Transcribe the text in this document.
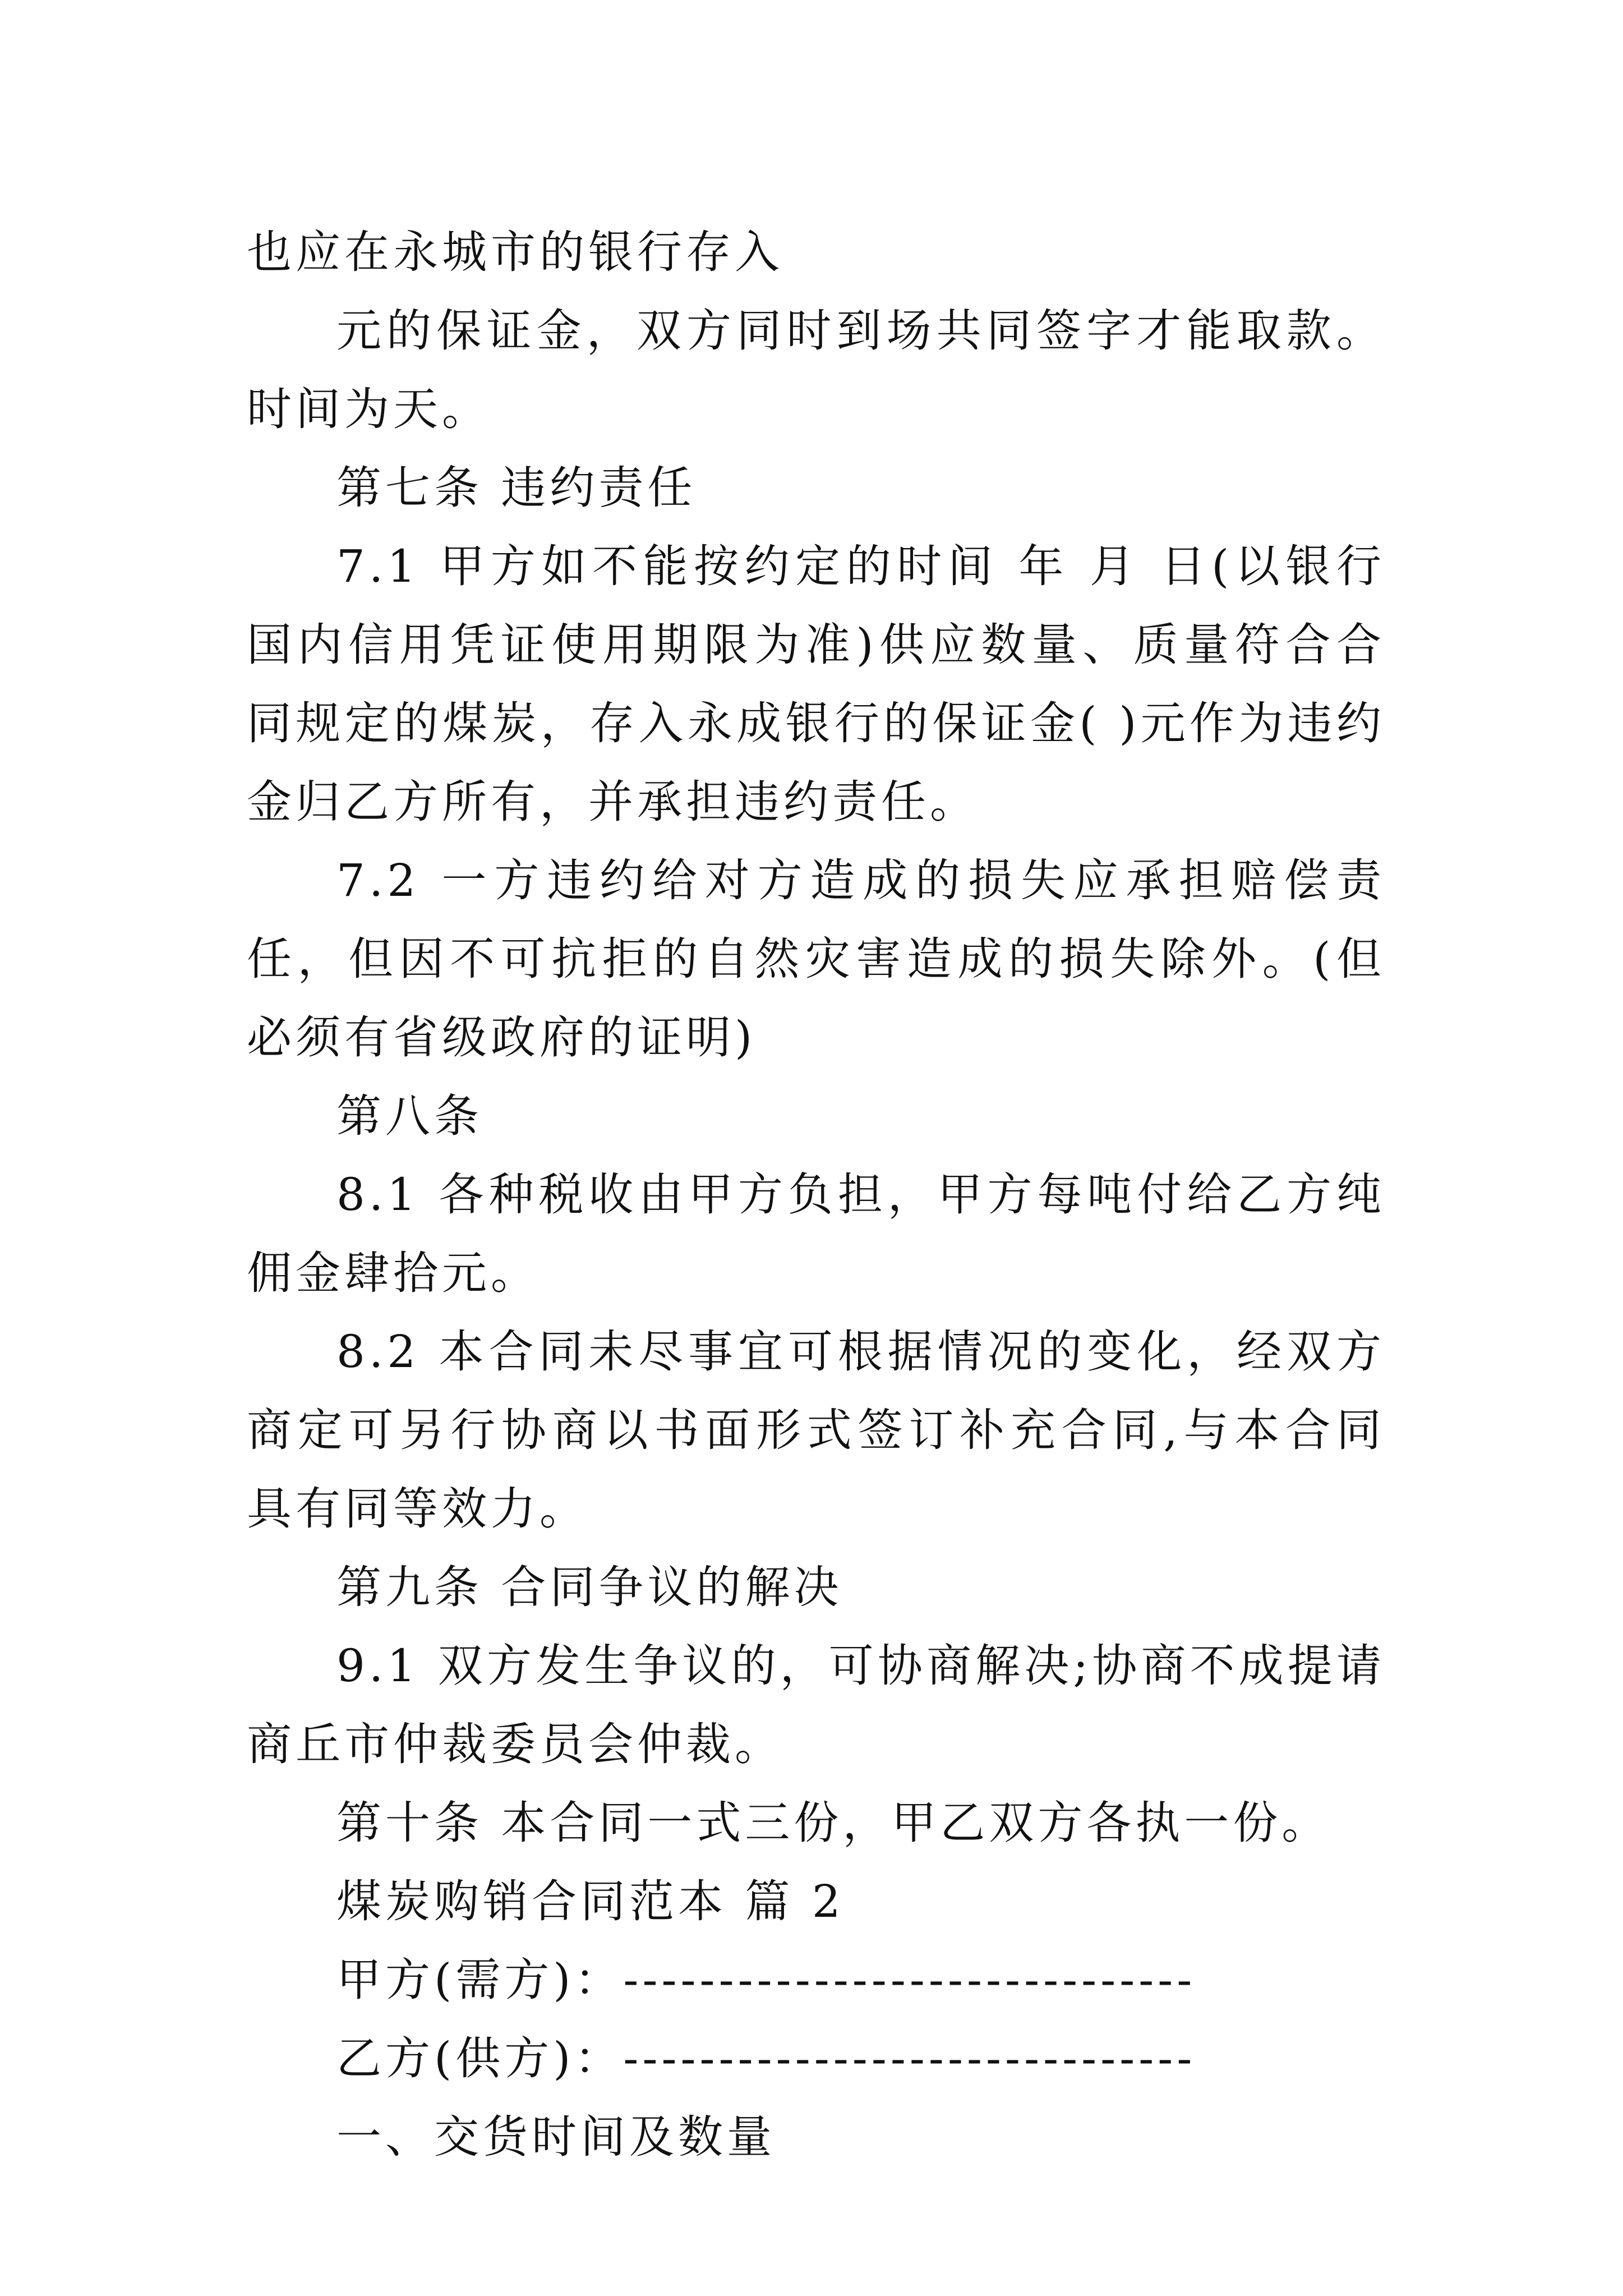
也应在永城市的银行存入

元的保证金，双方同时到场共同签字才能取款。时间为天。

第七条 违约责任

7.1 甲方如不能按约定的时间 年 月 日(以银行国内信用凭证使用期限为准)供应数量、质量符合合同规定的煤炭，存入永成银行的保证金( )元作为违约金归乙方所有，并承担违约责任。

7.2 一方违约给对方造成的损失应承担赔偿责任，但因不可抗拒的自然灾害造成的损失除外。(但必须有省级政府的证明)

第八条

8.1 各种税收由甲方负担，甲方每吨付给乙方纯佣金肆拾元。

8.2 本合同未尽事宜可根据情况的变化，经双方商定可另行协商以书面形式签订补充合同,与本合同具有同等效力。

第九条 合同争议的解决

9.1 双方发生争议的，可协商解决;协商不成提请商丘市仲裁委员会仲裁。

第十条 本合同一式三份，甲乙双方各执一份。

煤炭购销合同范本 篇 2

甲方(需方)：------------------------------

乙方(供方)：------------------------------

一、交货时间及数量
